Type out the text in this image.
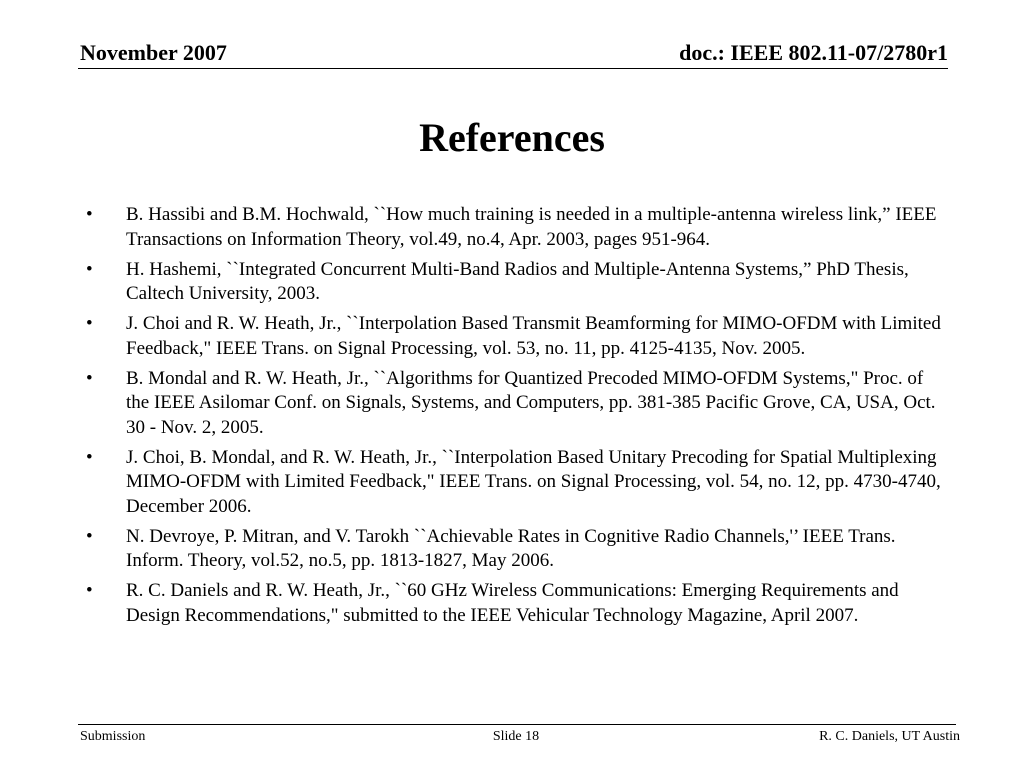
November 2007	doc.: IEEE 802.11-07/2780r1
References
• B. Hassibi and B.M. Hochwald, ``How much training is needed in a multiple-antenna wireless link,” IEEE Transactions on Information Theory, vol.49, no.4, Apr. 2003, pages 951-964.
• H. Hashemi, ``Integrated Concurrent Multi-Band Radios and Multiple-Antenna Systems,” PhD Thesis, Caltech University, 2003.
• J. Choi and R. W. Heath, Jr., ``Interpolation Based Transmit Beamforming for MIMO-OFDM with Limited Feedback," IEEE Trans. on Signal Processing, vol. 53, no. 11, pp. 4125-4135, Nov. 2005.
• B. Mondal and R. W. Heath, Jr., ``Algorithms for Quantized Precoded MIMO-OFDM Systems," Proc. of the IEEE Asilomar Conf. on Signals, Systems, and Computers, pp. 381-385 Pacific Grove, CA, USA, Oct. 30 - Nov. 2, 2005.
• J. Choi, B. Mondal, and R. W. Heath, Jr., ``Interpolation Based Unitary Precoding for Spatial Multiplexing MIMO-OFDM with Limited Feedback," IEEE Trans. on Signal Processing, vol. 54, no. 12, pp. 4730-4740, December 2006.
• N. Devroye, P. Mitran, and V. Tarokh ``Achievable Rates in Cognitive Radio Channels,'’ IEEE Trans. Inform. Theory, vol.52, no.5, pp. 1813-1827, May 2006.
• R. C. Daniels and R. W. Heath, Jr., ``60 GHz Wireless Communications: Emerging Requirements and Design Recommendations," submitted to the IEEE Vehicular Technology Magazine, April 2007.
Submission	Slide 18	R. C. Daniels, UT Austin
